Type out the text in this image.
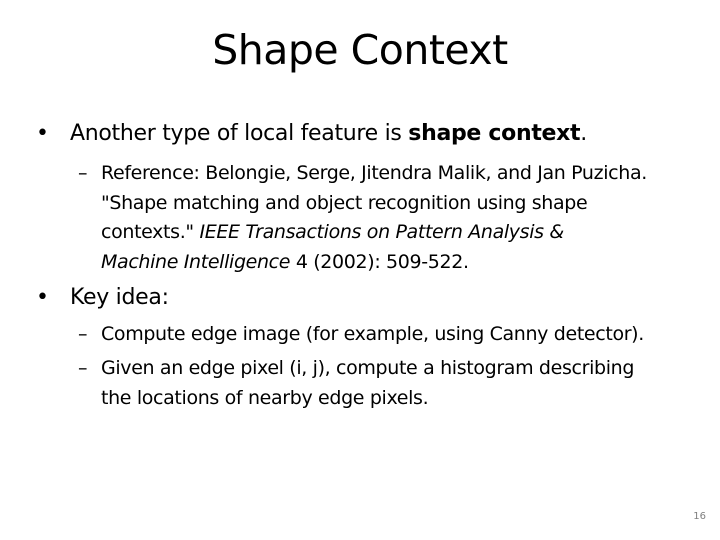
Shape Context
• Another type of local feature is shape context.
– Reference: Belongie, Serge, Jitendra Malik, and Jan Puzicha.
"Shape matching and object recognition using shape
contexts." IEEE Transactions on Pattern Analysis &
Machine Intelligence 4 (2002): 509-522.
• Key idea:
– Compute edge image (for example, using Canny detector).
– Given an edge pixel (i, j), compute a histogram describing
the locations of nearby edge pixels.
16
